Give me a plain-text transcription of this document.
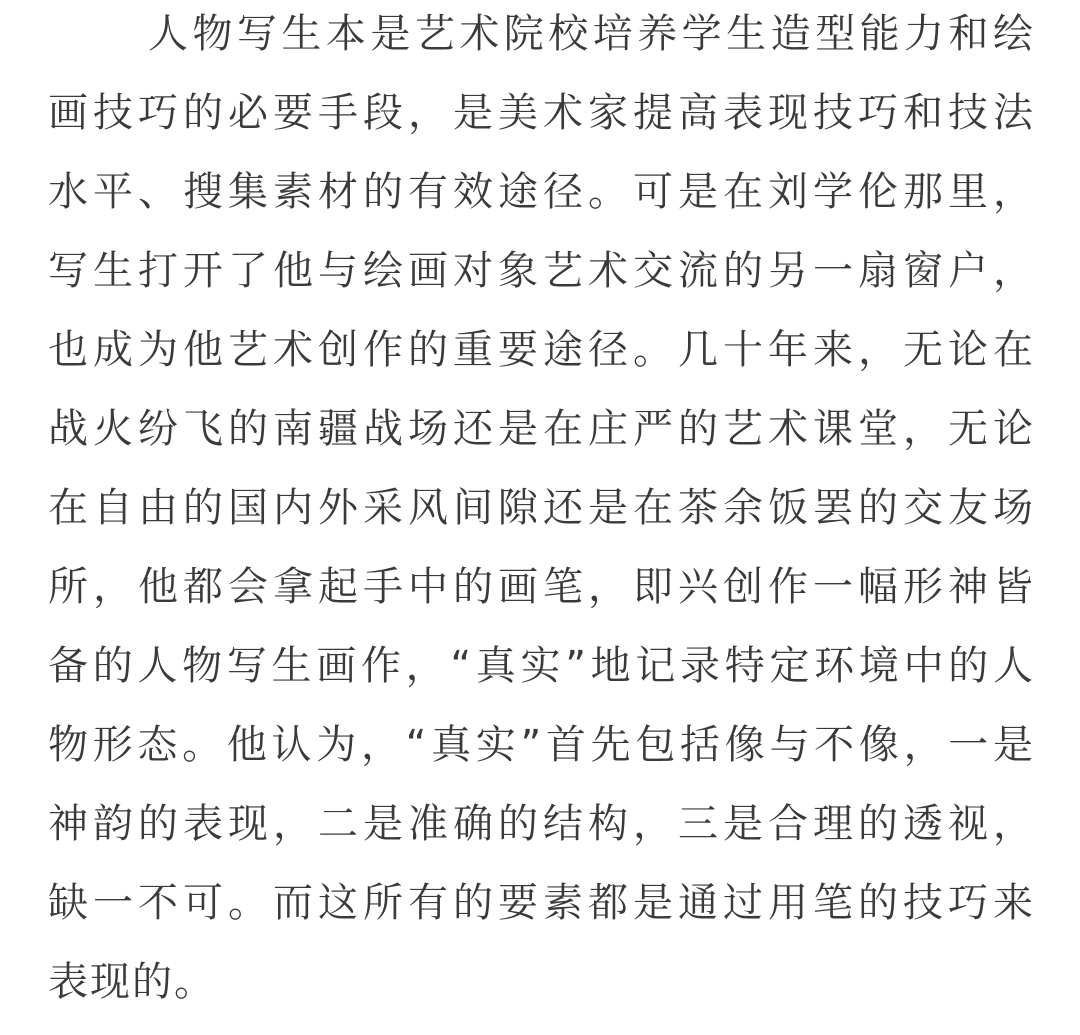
人物写生本是艺术院校培养学生造型能力和绘
画技巧的必要手段，是美术家提高表现技巧和技法
水平、搜集素材的有效途径。可是在刘学伦那里，
写生打开了他与绘画对象艺术交流的另一扇窗户，
也成为他艺术创作的重要途径。几十年来，无论在
战火纷飞的南疆战场还是在庄严的艺术课堂，无论
在自由的国内外采风间隙还是在茶余饭罢的交友场
所，他都会拿起手中的画笔，即兴创作一幅形神皆
备的人物写生画作，“真实”地记录特定环境中的人
物形态。他认为，“真实”首先包括像与不像，一是
神韵的表现，二是准确的结构，三是合理的透视，
缺一不可。而这所有的要素都是通过用笔的技巧来
表现的。
